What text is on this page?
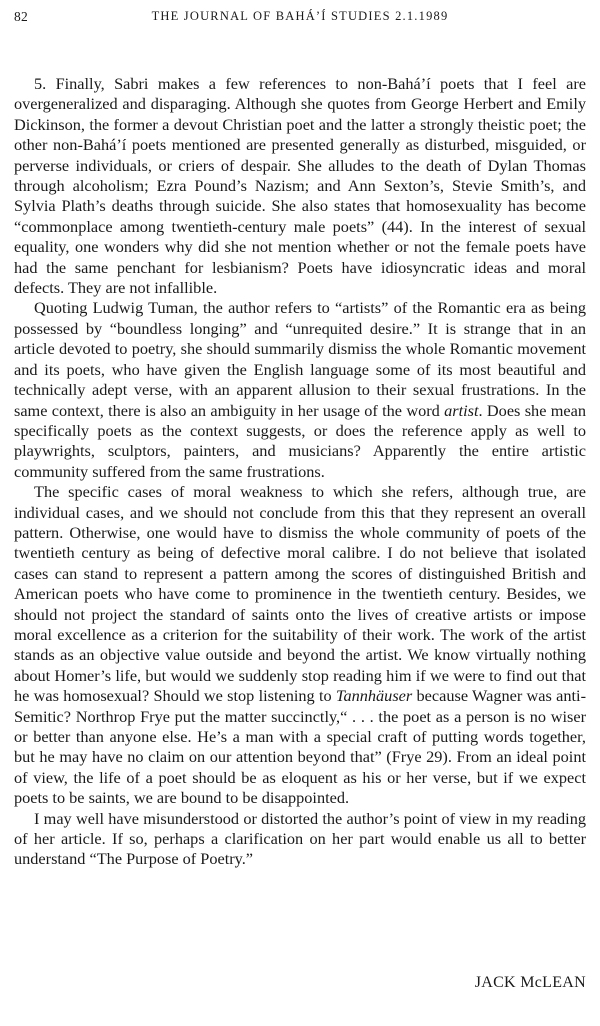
82	THE JOURNAL OF BAHÁ’Í STUDIES 2.1.1989

5. Finally, Sabri makes a few references to non-Bahá’í poets that I feel are overgeneralized and disparaging. Although she quotes from George Herbert and Emily Dickinson, the former a devout Christian poet and the latter a strongly theistic poet; the other non-Bahá’í poets mentioned are presented generally as disturbed, misguided, or perverse individuals, or criers of despair. She alludes to the death of Dylan Thomas through alcoholism; Ezra Pound’s Nazism; and Ann Sexton’s, Stevie Smith’s, and Sylvia Plath’s deaths through suicide. She also states that homosexuality has become “commonplace among twentieth-century male poets” (44). In the interest of sexual equality, one wonders why did she not mention whether or not the female poets have had the same penchant for lesbianism? Poets have idiosyncratic ideas and moral defects. They are not infallible.

Quoting Ludwig Tuman, the author refers to “artists” of the Romantic era as being possessed by “boundless longing” and “unrequited desire.” It is strange that in an article devoted to poetry, she should summarily dismiss the whole Romantic movement and its poets, who have given the English language some of its most beautiful and technically adept verse, with an apparent allusion to their sexual frustrations. In the same context, there is also an ambiguity in her usage of the word artist. Does she mean specifically poets as the context suggests, or does the reference apply as well to playwrights, sculptors, painters, and musicians? Apparently the entire artistic community suffered from the same frustrations.

The specific cases of moral weakness to which she refers, although true, are individual cases, and we should not conclude from this that they represent an overall pattern. Otherwise, one would have to dismiss the whole community of poets of the twentieth century as being of defective moral calibre. I do not believe that isolated cases can stand to represent a pattern among the scores of distinguished British and American poets who have come to prominence in the twentieth century. Besides, we should not project the standard of saints onto the lives of creative artists or impose moral excellence as a criterion for the suitability of their work. The work of the artist stands as an objective value outside and beyond the artist. We know virtually nothing about Homer’s life, but would we suddenly stop reading him if we were to find out that he was homosexual? Should we stop listening to Tannhäuser because Wagner was anti-Semitic? Northrop Frye put the matter succinctly,“ . . . the poet as a person is no wiser or better than anyone else. He’s a man with a special craft of putting words together, but he may have no claim on our attention beyond that” (Frye 29). From an ideal point of view, the life of a poet should be as eloquent as his or her verse, but if we expect poets to be saints, we are bound to be disappointed.

I may well have misunderstood or distorted the author’s point of view in my reading of her article. If so, perhaps a clarification on her part would enable us all to better understand “The Purpose of Poetry.”

JACK McLEAN
